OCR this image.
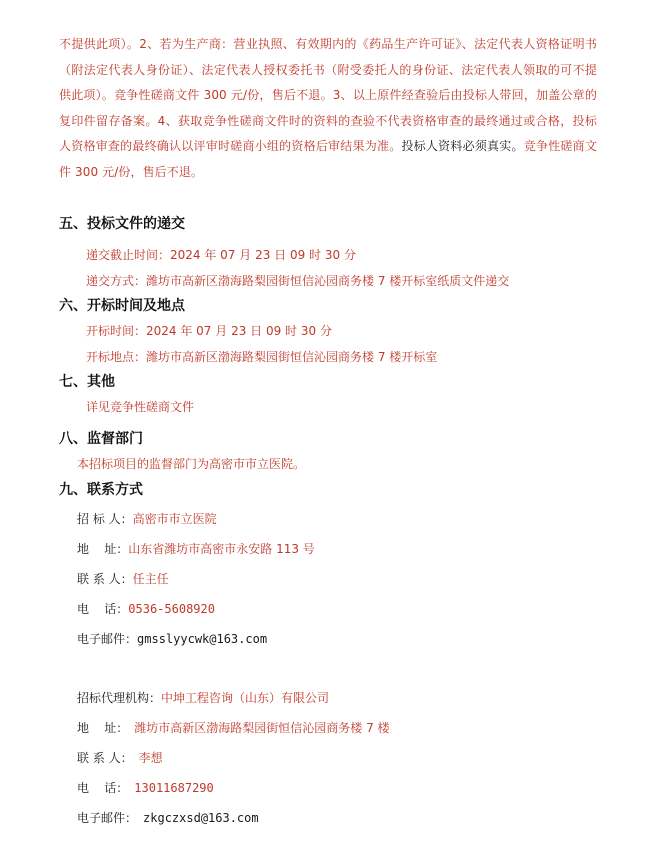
不提供此项）。2、若为生产商：营业执照、有效期内的《药品生产许可证》、法定代表人资格证明书（附法定代表人身份证）、法定代表人授权委托书（附受委托人的身份证、法定代表人领取的可不提供此项）。竞争性磋商文件 300 元/份，售后不退。3、以上原件经查验后由投标人带回，加盖公章的复印件留存备案。4、获取竞争性磋商文件时的资料的查验不代表资格审查的最终通过或合格，投标人资格审查的最终确认以评审时磋商小组的资格后审结果为准。投标人资料必须真实。竞争性磋商文件 300 元/份，售后不退。
五、投标文件的递交
递交截止时间：2024 年 07 月 23 日 09 时 30 分
递交方式：潍坊市高新区渤海路梨园街恒信沁园商务楼 7 楼开标室纸质文件递交
六、开标时间及地点
开标时间：2024 年 07 月 23 日 09 时 30 分
开标地点：潍坊市高新区渤海路梨园街恒信沁园商务楼 7 楼开标室
七、其他
详见竞争性磋商文件
八、监督部门
本招标项目的监督部门为高密市市立医院。
九、联系方式
招 标 人：高密市市立医院
地    址：山东省潍坊市高密市永安路 113 号
联 系 人：任主任
电    话：0536-5608920
电子邮件：gmsslyycwk@163.com
招标代理机构：中坤工程咨询（山东）有限公司
地    址： 潍坊市高新区渤海路梨园街恒信沁园商务楼 7 楼
联 系 人： 李想
电    话： 13011687290
电子邮件： zkgczxsd@163.com
